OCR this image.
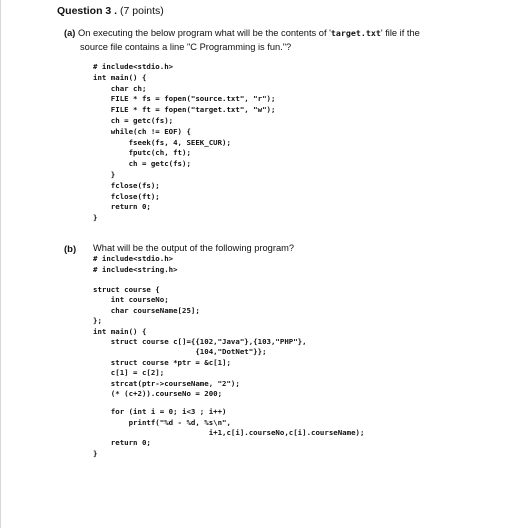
Question 3 . (7 points)
(a) On executing the below program what will be the contents of 'target.txt' file if the
source file contains a line "C Programming is fun."?
# include<stdio.h>
int main() {
char ch;
FILE * fs = fopen("source.txt", "r");
FILE * ft = fopen("target.txt", "w");
ch = getc(fs);
while(ch != EOF) {
fseek(fs, 4, SEEK_CUR);
fputc(ch, ft);
ch = getc(fs);
}
fclose(fs);
fclose(ft);
return 0;
}
(b) What will be the output of the following program?
# include<stdio.h>
# include<string.h>
struct course {
int courseNo;
char courseName[25];
};
int main() {
struct course c[]={{102,"Java"},{103,"PHP"},
{104,"DotNet"}};
struct course *ptr = &c[1];
c[1] = c[2];
strcat(ptr->courseName, "2");
(* (c+2)).courseNo = 200;
for (int i = 0; i<3 ; i++)
printf("%d - %d, %s\n",
i+1,c[i].courseNo,c[i].courseName);
return 0;
}
